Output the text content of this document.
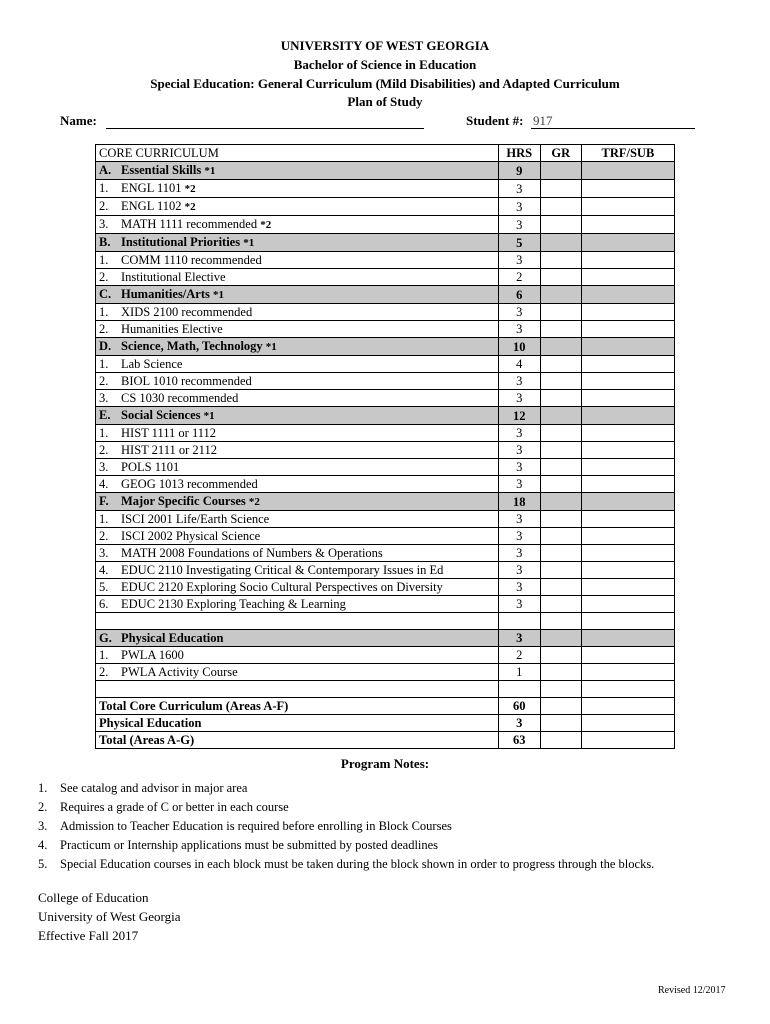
UNIVERSITY OF WEST GEORGIA
Bachelor of Science in Education
Special Education: General Curriculum (Mild Disabilities) and Adapted Curriculum
Plan of Study
Name:	Student #: 917
CORE CURRICULUM	HRS	GR	TRF/SUB
A. Essential Skills *1	9		
1. ENGL 1101 *2	3		
2. ENGL 1102 *2	3		
3. MATH 1111 recommended *2	3		
B. Institutional Priorities *1	5		
1. COMM 1110 recommended	3		
2. Institutional Elective	2		
C. Humanities/Arts *1	6		
1. XIDS 2100 recommended	3		
2. Humanities Elective	3		
D. Science, Math, Technology *1	10		
1. Lab Science	4		
2. BIOL 1010 recommended	3		
3. CS 1030 recommended	3		
E. Social Sciences *1	12		
1. HIST 1111 or 1112	3		
2. HIST 2111 or 2112	3		
3. POLS 1101	3		
4. GEOG 1013 recommended	3		
F. Major Specific Courses *2	18		
1. ISCI 2001 Life/Earth Science	3		
2. ISCI 2002 Physical Science	3		
3. MATH 2008 Foundations of Numbers & Operations	3		
4. EDUC 2110 Investigating Critical & Contemporary Issues in Ed	3		
5. EDUC 2120 Exploring Socio Cultural Perspectives on Diversity	3		
6. EDUC 2130 Exploring Teaching & Learning	3		

G. Physical Education	3		
1. PWLA 1600	2		
2. PWLA Activity Course	1		

Total Core Curriculum (Areas A-F)	60		
Physical Education	3		
Total (Areas A-G)	63		
Program Notes:
1. See catalog and advisor in major area
2. Requires a grade of C or better in each course
3. Admission to Teacher Education is required before enrolling in Block Courses
4. Practicum or Internship applications must be submitted by posted deadlines
5. Special Education courses in each block must be taken during the block shown in order to progress through the blocks.
College of Education
University of West Georgia
Effective Fall 2017
Revised 12/2017
